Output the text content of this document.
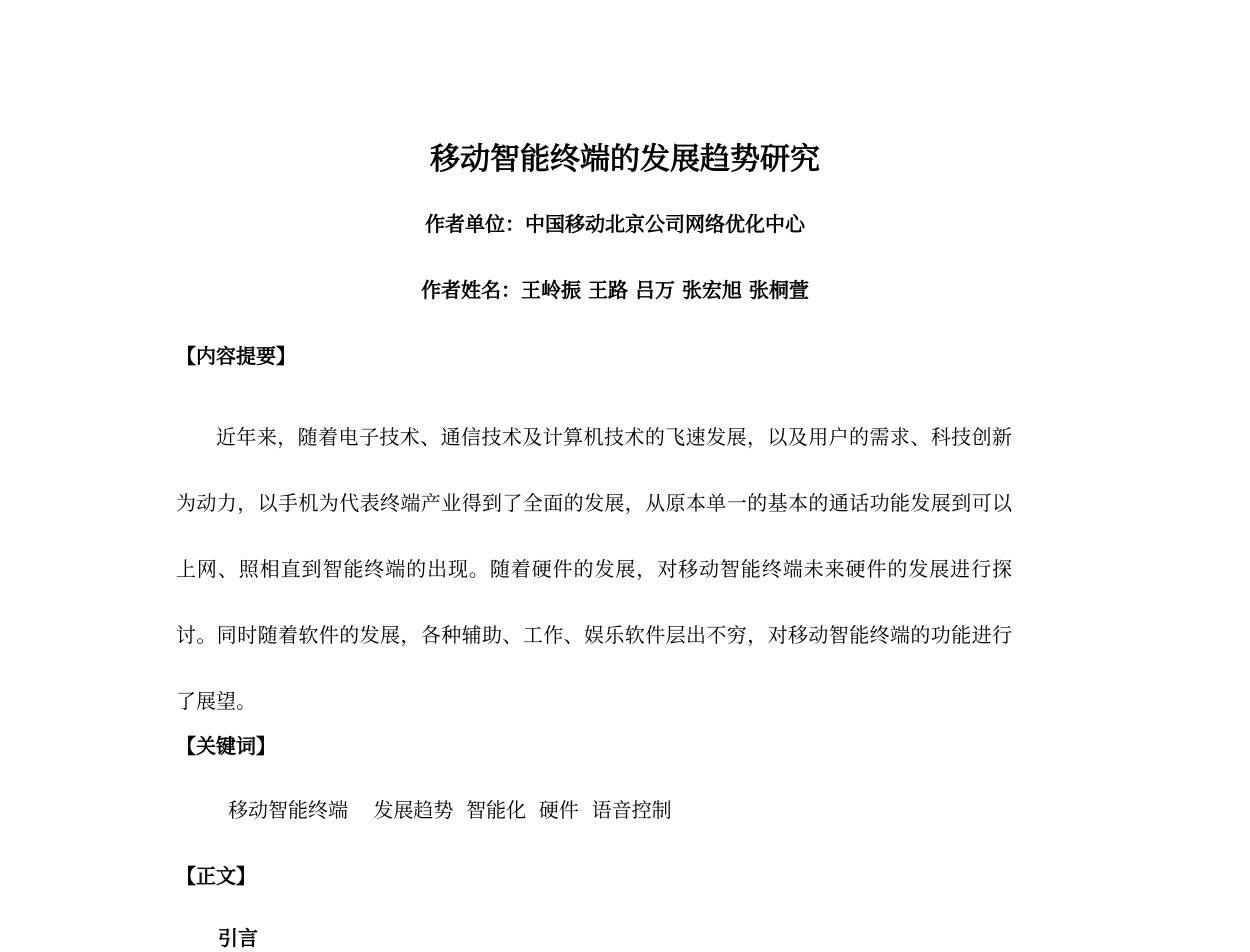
移动智能终端的发展趋势研究
作者单位：中国移动北京公司网络优化中心
作者姓名：王岭振 王路 吕万 张宏旭 张桐萱
【内容提要】

近年来，随着电子技术、通信技术及计算机技术的飞速发展，以及用户的需求、科技创新为动力，以手机为代表终端产业得到了全面的发展，从原本单一的基本的通话功能发展到可以上网、照相直到智能终端的出现。随着硬件的发展，对移动智能终端未来硬件的发展进行探讨。同时随着软件的发展，各种辅助、工作、娱乐软件层出不穷，对移动智能终端的功能进行了展望。

【关键词】
移动智能终端    发展趋势  智能化  硬件  语音控制
【正文】
引言
